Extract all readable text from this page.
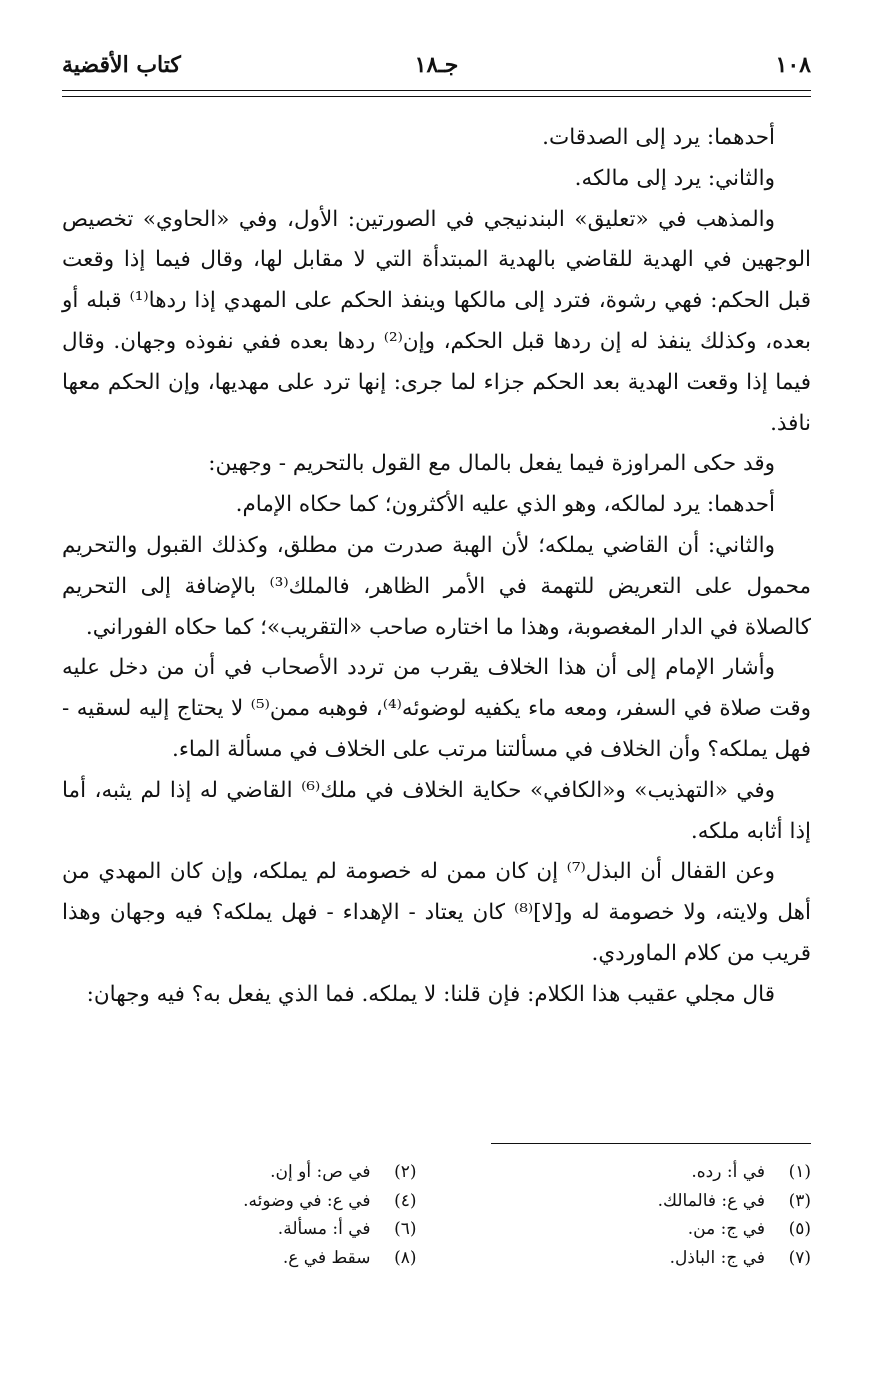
١٠٨
جـ١٨
كتاب الأقضية

أحدهما: يرد إلى الصدقات.

والثاني: يرد إلى مالكه.

والمذهب في «تعليق» البندنيجي في الصورتين: الأول، وفي «الحاوي» تخصيص الوجهين في الهدية للقاضي بالهدية المبتدأة التي لا مقابل لها، وقال فيما إذا وقعت قبل الحكم: فهي رشوة، فترد إلى مالكها وينفذ الحكم على المهدي إذا ردها⁽¹⁾ قبله أو بعده، وكذلك ينفذ له إن ردها قبل الحكم، وإن⁽²⁾ ردها بعده ففي نفوذه وجهان. وقال فيما إذا وقعت الهدية بعد الحكم جزاء لما جرى: إنها ترد على مهديها، وإن الحكم معها نافذ.

وقد حكى المراوزة فيما يفعل بالمال مع القول بالتحريم - وجهين:

أحدهما: يرد لمالكه، وهو الذي عليه الأكثرون؛ كما حكاه الإمام.

والثاني: أن القاضي يملكه؛ لأن الهبة صدرت من مطلق، وكذلك القبول والتحريم محمول على التعريض للتهمة في الأمر الظاهر، فالملك⁽³⁾ بالإضافة إلى التحريم كالصلاة في الدار المغصوبة، وهذا ما اختاره صاحب «التقريب»؛ كما حكاه الفوراني.

وأشار الإمام إلى أن هذا الخلاف يقرب من تردد الأصحاب في أن من دخل عليه وقت صلاة في السفر، ومعه ماء يكفيه لوضوئه⁽⁴⁾، فوهبه ممن⁽⁵⁾ لا يحتاج إليه لسقيه - فهل يملكه؟ وأن الخلاف في مسألتنا مرتب على الخلاف في مسألة الماء.

وفي «التهذيب» و«الكافي» حكاية الخلاف في ملك⁽⁶⁾ القاضي له إذا لم يثبه، أما إذا أثابه ملكه.

وعن القفال أن البذل⁽⁷⁾ إن كان ممن له خصومة لم يملكه، وإن كان المهدي من أهل ولايته، ولا خصومة له و[لا]⁽⁸⁾ كان يعتاد - الإهداء - فهل يملكه؟ فيه وجهان وهذا قريب من كلام الماوردي.

قال مجلي عقيب هذا الكلام: فإن قلنا: لا يملكه. فما الذي يفعل به؟ فيه وجهان:

(١)
في أ: رده.
(٢)
في ص: أو إن.
(٣)
في ع: فالمالك.
(٤)
في ع: في وضوئه.
(٥)
في ج: من.
(٦)
في أ: مسألة.
(٧)
في ج: الباذل.
(٨)
سقط في ع.
